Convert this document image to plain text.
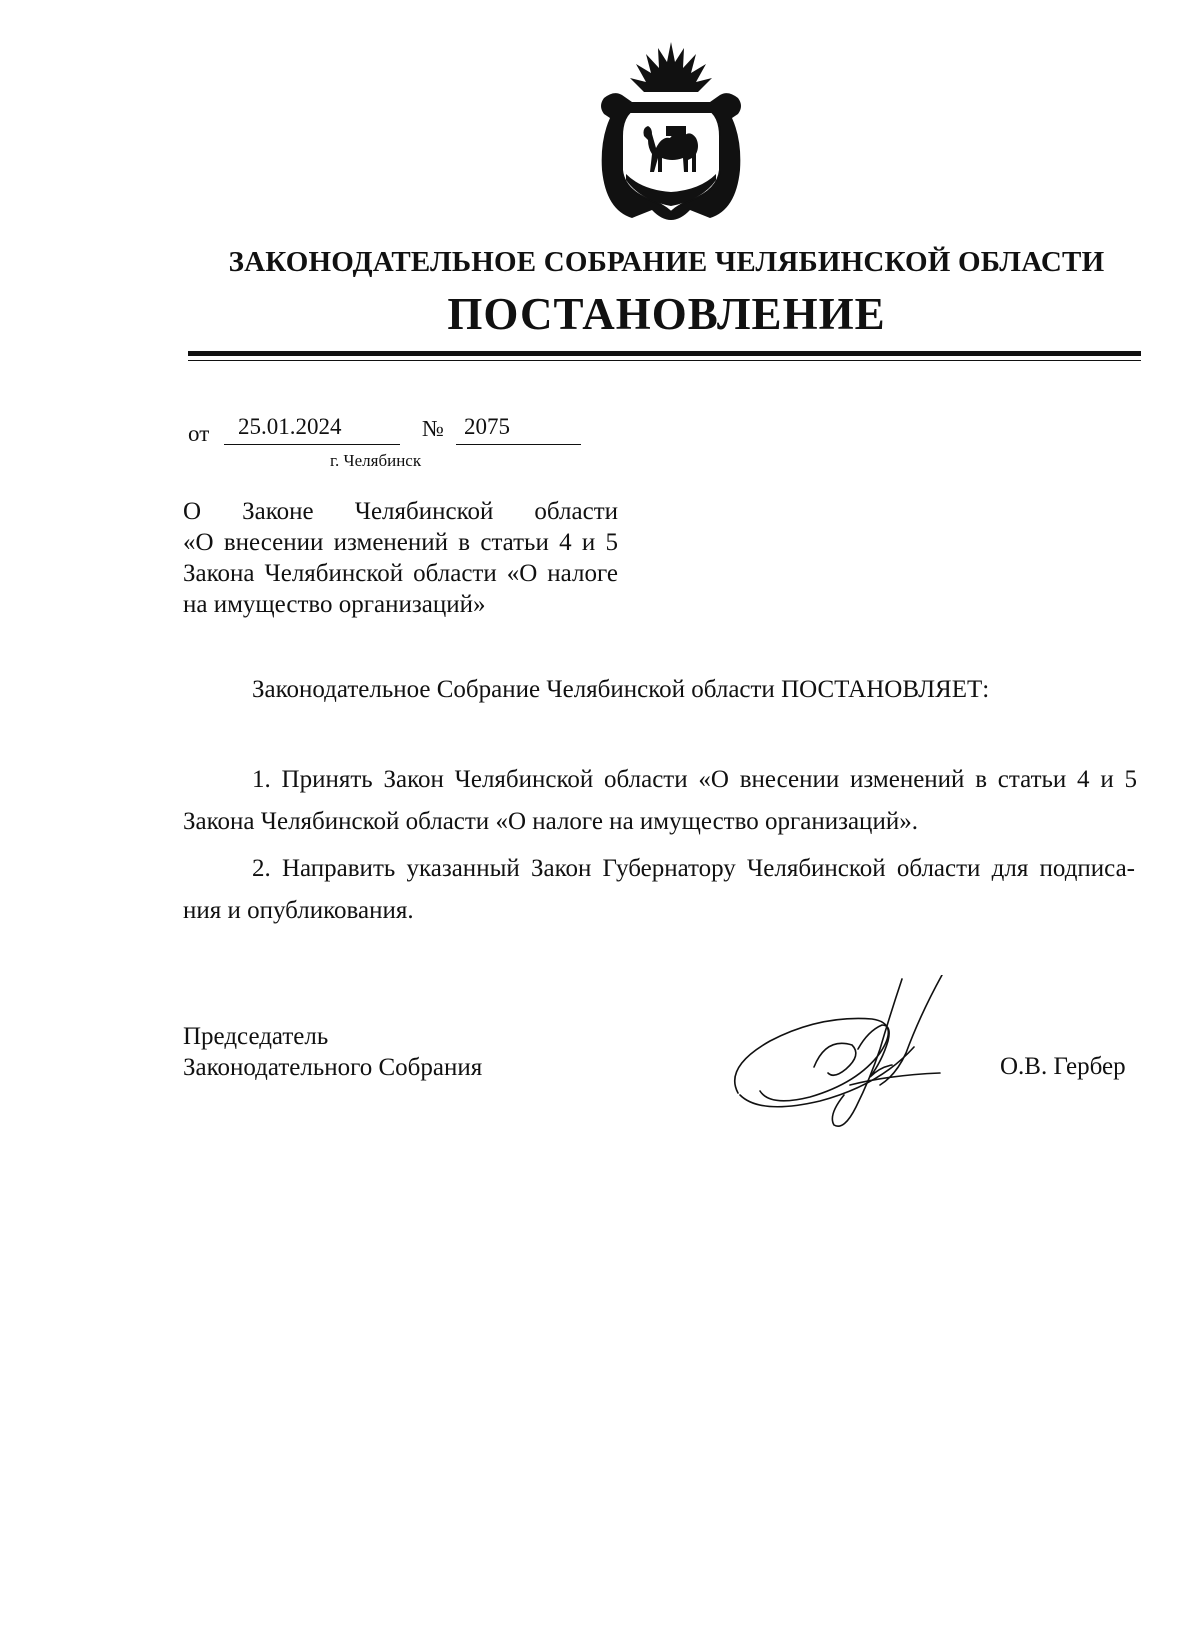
ЗАКОНОДАТЕЛЬНОЕ СОБРАНИЕ ЧЕЛЯБИНСКОЙ ОБЛАСТИ
ПОСТАНОВЛЕНИЕ
от 25.01.2024	№ 2075
г. Челябинск
О Законе Челябинской области
«О внесении изменений в статьи 4 и 5
Закона Челябинской области «О налоге
на имущество организаций»
Законодательное Собрание Челябинской области ПОСТАНОВЛЯЕТ:
1. Принять Закон Челябинской области «О внесении изменений в статьи 4 и 5
Закона Челябинской области «О налоге на имущество организаций».
2. Направить указанный Закон Губернатору Челябинской области для подписа-
ния и опубликования.
Председатель
Законодательного Собрания	О.В. Гербер
